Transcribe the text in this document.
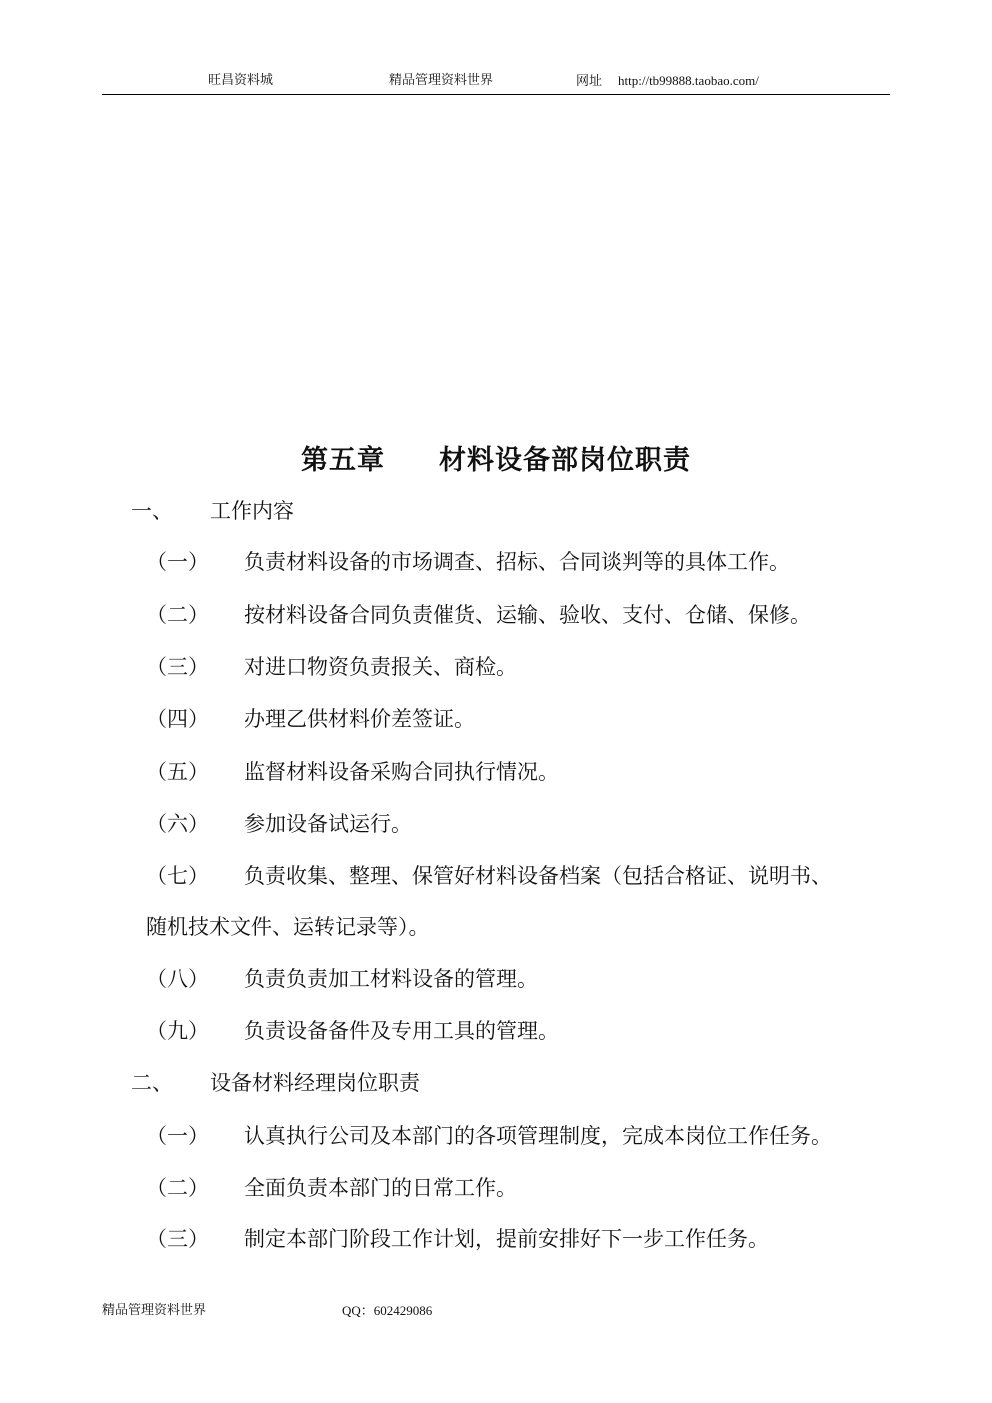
旺昌资料城	精品管理资料世界	网址 http://tb99888.taobao.com/
第五章 材料设备部岗位职责
一、 工作内容
（一） 负责材料设备的市场调查、招标、合同谈判等的具体工作。
（二） 按材料设备合同负责催货、运输、验收、支付、仓储、保修。
（三） 对进口物资负责报关、商检。
（四） 办理乙供材料价差签证。
（五） 监督材料设备采购合同执行情况。
（六） 参加设备试运行。
（七） 负责收集、整理、保管好材料设备档案（包括合格证、说明书、
随机技术文件、运转记录等）。
（八） 负责负责加工材料设备的管理。
（九） 负责设备备件及专用工具的管理。
二、 设备材料经理岗位职责
（一） 认真执行公司及本部门的各项管理制度，完成本岗位工作任务。
（二） 全面负责本部门的日常工作。
（三） 制定本部门阶段工作计划，提前安排好下一步工作任务。
精品管理资料世界	QQ：602429086
